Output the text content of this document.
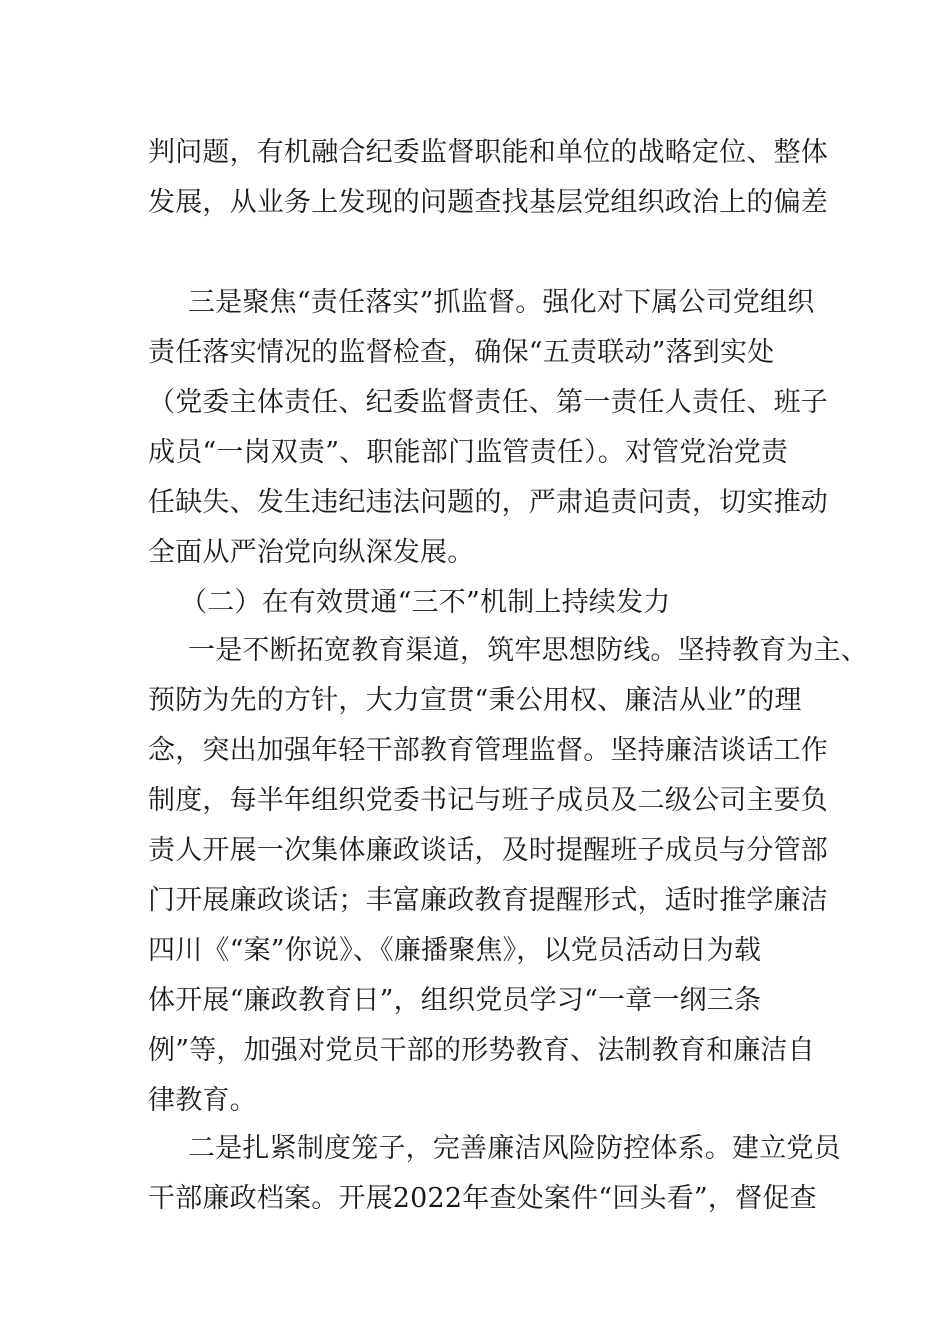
判问题，有机融合纪委监督职能和单位的战略定位、整体
发展，从业务上发现的问题查找基层党组织政治上的偏差
三是聚焦“责任落实”抓监督。强化对下属公司党组织
责任落实情况的监督检查，确保“五责联动”落到实处
（党委主体责任、纪委监督责任、第一责任人责任、班子
成员“一岗双责”、职能部门监管责任）。对管党治党责
任缺失、发生违纪违法问题的，严肃追责问责，切实推动
全面从严治党向纵深发展。
（二）在有效贯通“三不”机制上持续发力
一是不断拓宽教育渠道，筑牢思想防线。坚持教育为主、
预防为先的方针，大力宣贯“秉公用权、廉洁从业”的理
念，突出加强年轻干部教育管理监督。坚持廉洁谈话工作
制度，每半年组织党委书记与班子成员及二级公司主要负
责人开展一次集体廉政谈话，及时提醒班子成员与分管部
门开展廉政谈话；丰富廉政教育提醒形式，适时推学廉洁
四川《“案”你说》、《廉播聚焦》，以党员活动日为载
体开展“廉政教育日”，组织党员学习“一章一纲三条
例”等，加强对党员干部的形势教育、法制教育和廉洁自
律教育。
二是扎紧制度笼子，完善廉洁风险防控体系。建立党员
干部廉政档案。开展2022年查处案件“回头看”，督促查
